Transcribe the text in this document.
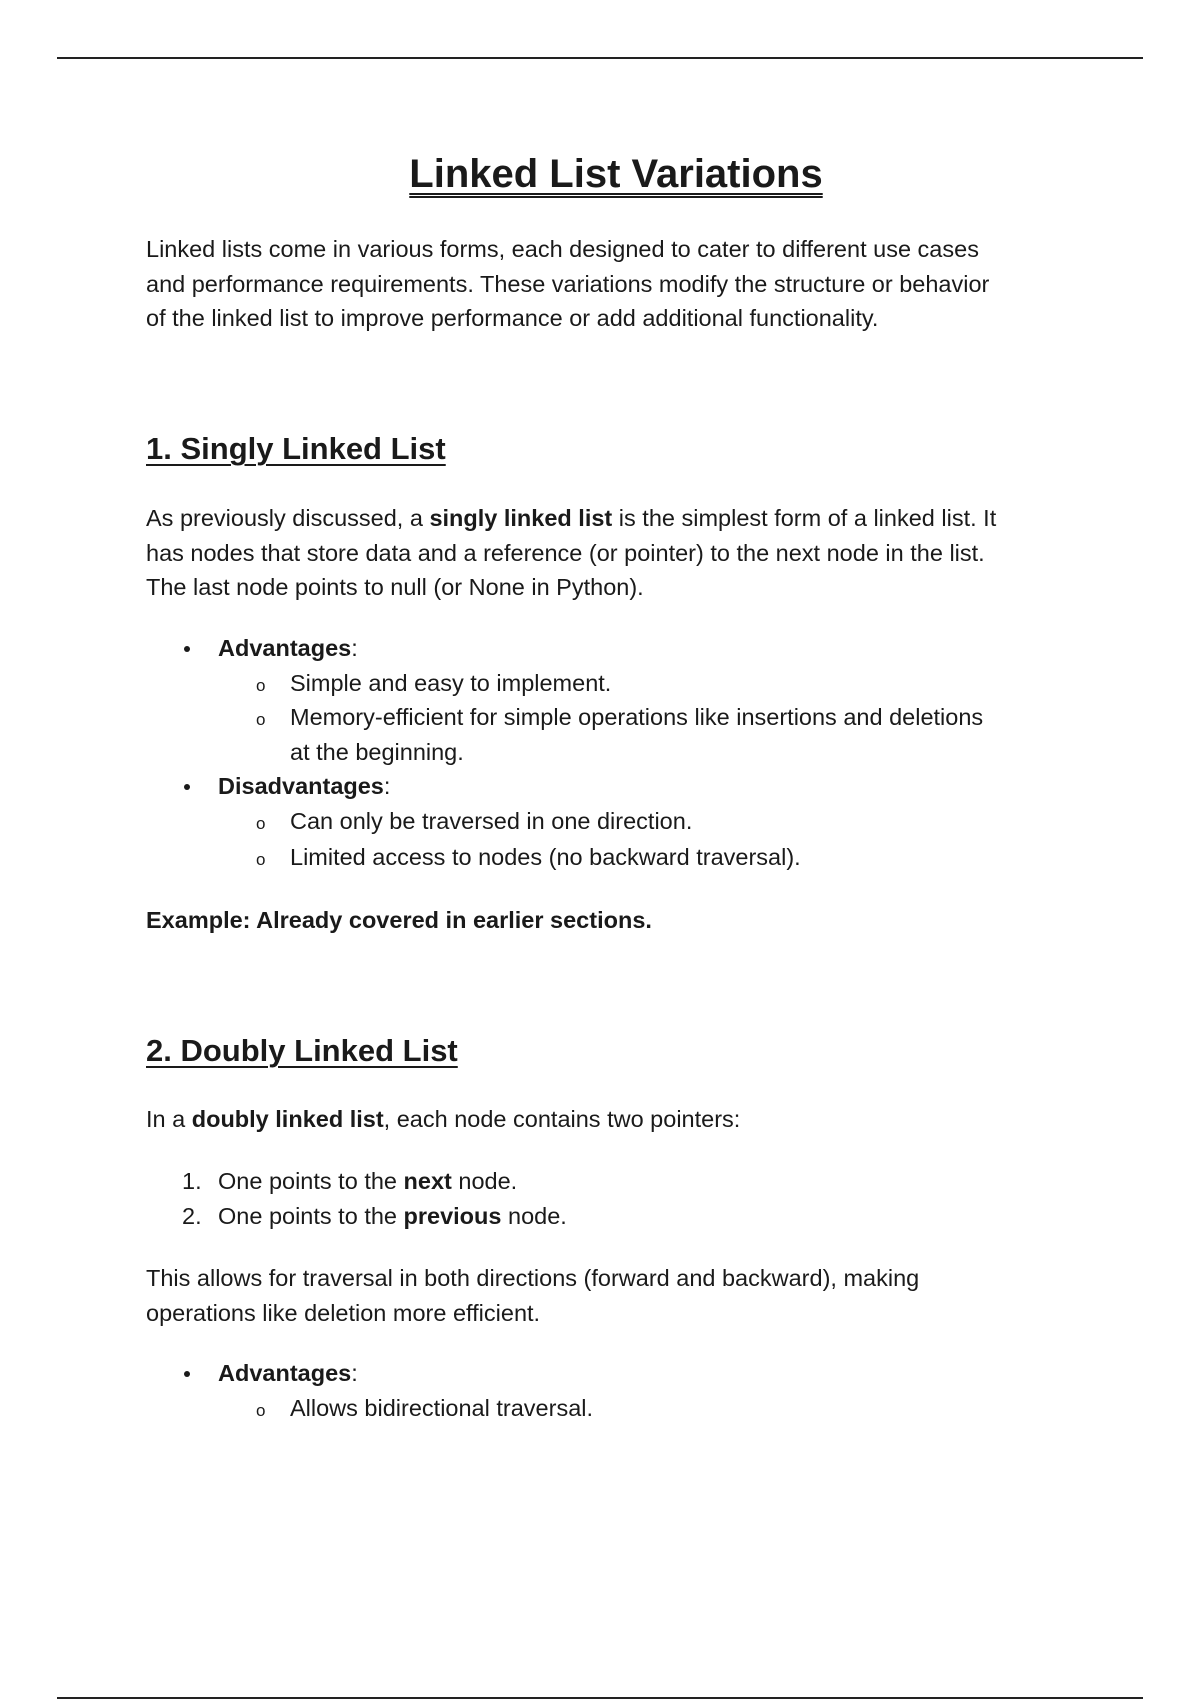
Linked List Variations

Linked lists come in various forms, each designed to cater to different use cases
and performance requirements. These variations modify the structure or behavior
of the linked list to improve performance or add additional functionality.

1. Singly Linked List

As previously discussed, a singly linked list is the simplest form of a linked list. It
has nodes that store data and a reference (or pointer) to the next node in the list.
The last node points to null (or None in Python).

Advantages:
o	Simple and easy to implement.
o	Memory-efficient for simple operations like insertions and deletions
at the beginning.
Disadvantages:
o	Can only be traversed in one direction.
o	Limited access to nodes (no backward traversal).

Example: Already covered in earlier sections.

2. Doubly Linked List

In a doubly linked list, each node contains two pointers:

1. One points to the next node.
2. One points to the previous node.

This allows for traversal in both directions (forward and backward), making
operations like deletion more efficient.

Advantages:
o	Allows bidirectional traversal.
